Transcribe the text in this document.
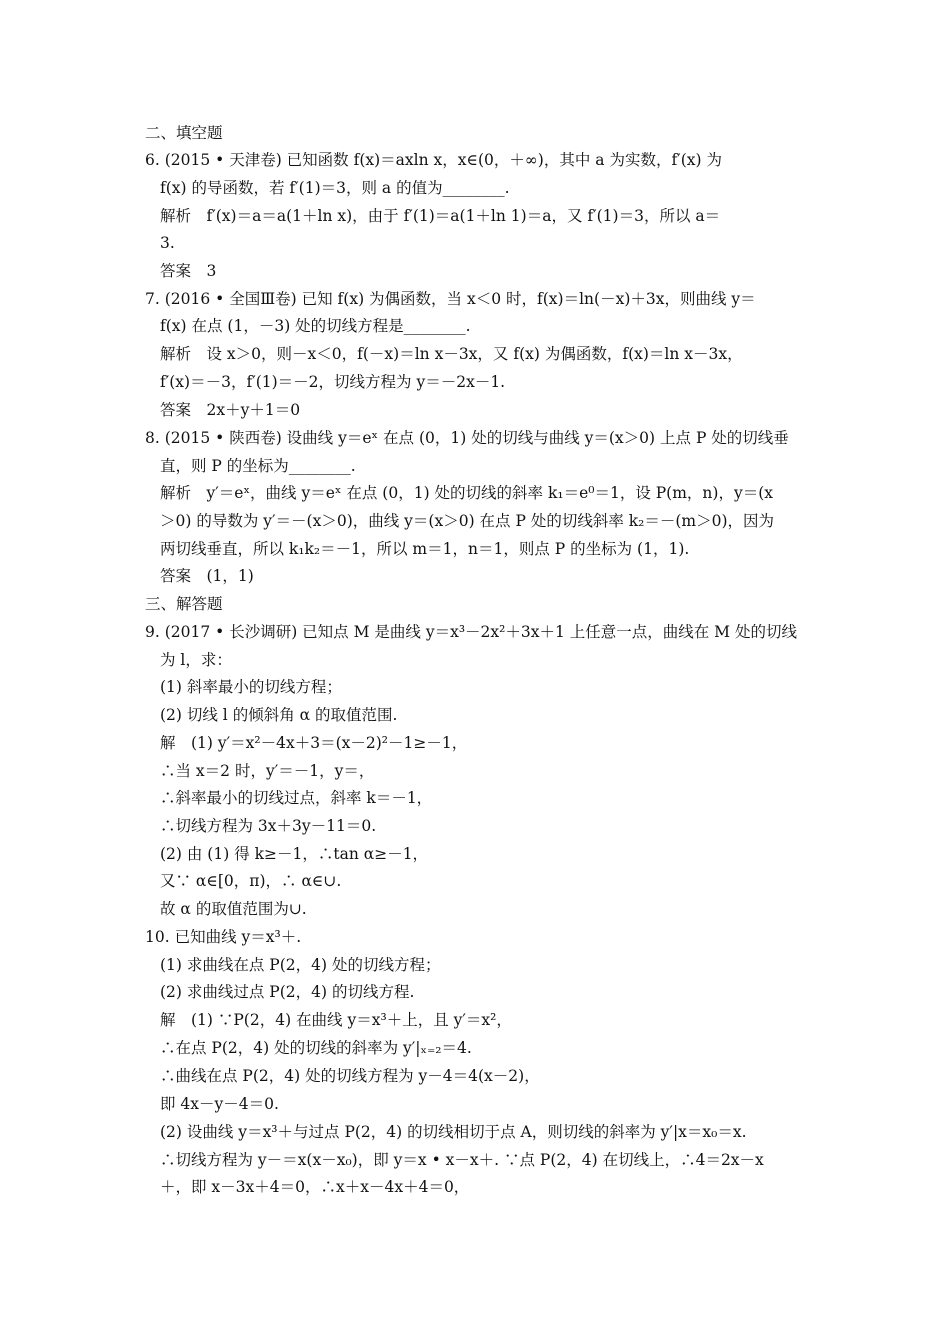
二、填空题
6. (2015 • 天津卷) 已知函数 f(x)＝axln x，x∈(0，＋∞)，其中 a 为实数，f′(x) 为
f(x) 的导函数，若 f′(1)＝3，则 a 的值为________.
解析　f′(x)＝a＝a(1＋ln x)，由于 f′(1)＝a(1＋ln 1)＝a，又 f′(1)＝3，所以 a＝
3.
答案　3
7. (2016 • 全国Ⅲ卷) 已知 f(x) 为偶函数，当 x＜0 时，f(x)＝ln(－x)＋3x，则曲线 y＝
f(x) 在点 (1，－3) 处的切线方程是________.
解析　设 x＞0，则－x＜0，f(－x)＝ln x－3x，又 f(x) 为偶函数，f(x)＝ln x－3x，
f′(x)＝－3，f′(1)＝－2，切线方程为 y＝－2x－1.
答案　2x＋y＋1＝0
8. (2015 • 陕西卷) 设曲线 y＝eˣ 在点 (0，1) 处的切线与曲线 y＝(x＞0) 上点 P 处的切线垂
直，则 P 的坐标为________.
解析　y′＝eˣ，曲线 y＝eˣ 在点 (0，1) 处的切线的斜率 k₁＝e⁰＝1，设 P(m，n)，y＝(x
＞0) 的导数为 y′＝－(x＞0)，曲线 y＝(x＞0) 在点 P 处的切线斜率 k₂＝－(m＞0)，因为
两切线垂直，所以 k₁k₂＝－1，所以 m＝1，n＝1，则点 P 的坐标为 (1，1).
答案　(1，1)
三、解答题
9. (2017 • 长沙调研) 已知点 M 是曲线 y＝x³－2x²＋3x＋1 上任意一点，曲线在 M 处的切线
为 l，求：
(1) 斜率最小的切线方程；
(2) 切线 l 的倾斜角 α 的取值范围.
解　(1) y′＝x²－4x＋3＝(x－2)²－1≥－1，
∴当 x＝2 时，y′＝－1，y＝，
∴斜率最小的切线过点，斜率 k＝－1，
∴切线方程为 3x＋3y－11＝0.
(2) 由 (1) 得 k≥－1，∴tan α≥－1，
又∵ α∈[0，π)，∴ α∈∪.
故 α 的取值范围为∪.
10. 已知曲线 y＝x³＋.
(1) 求曲线在点 P(2，4) 处的切线方程；
(2) 求曲线过点 P(2，4) 的切线方程.
解　(1) ∵P(2，4) 在曲线 y＝x³＋上，且 y′＝x²，
∴在点 P(2，4) 处的切线的斜率为 y′|ₓ₌₂＝4.
∴曲线在点 P(2，4) 处的切线方程为 y－4＝4(x－2)，
即 4x－y－4＝0.
(2) 设曲线 y＝x³＋与过点 P(2，4) 的切线相切于点 A，则切线的斜率为 y′|x＝x₀＝x.
∴切线方程为 y－＝x(x－x₀)，即 y＝x • x－x＋. ∵点 P(2，4) 在切线上，∴4＝2x－x
＋，即 x－3x＋4＝0，∴x＋x－4x＋4＝0，
